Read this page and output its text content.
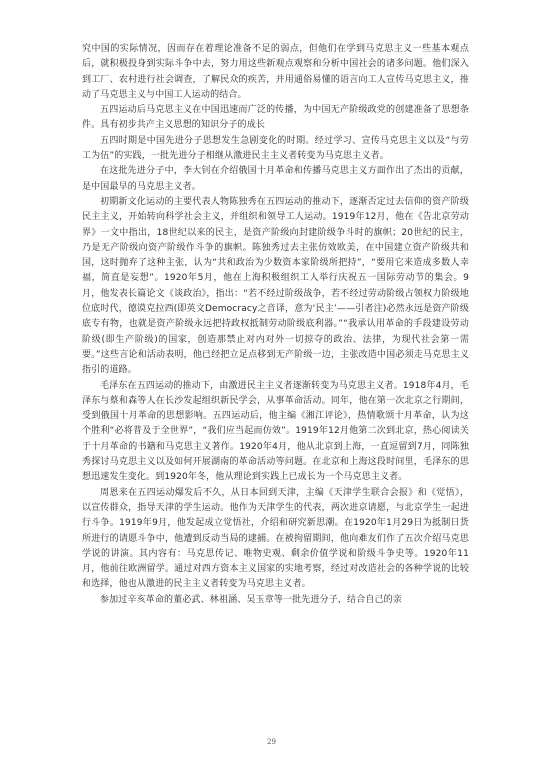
究中国的实际情况，因而存在着理论准备不足的弱点，但他们在学到马克思主义一些基本观点后，就积极投身到实际斗争中去，努力用这些新观点观察和分析中国社会的诸多问题。他们深入到工厂、农村进行社会调查，了解民众的疾苦，并用通俗易懂的语言向工人宣传马克思主义，推动了马克思主义与中国工人运动的结合。

五四运动后马克思主义在中国迅速而广泛的传播，为中国无产阶级政党的创建准备了思想条件。具有初步共产主义思想的知识分子的成长

五四时期是中国先进分子思想发生急剧变化的时期。经过学习、宣传马克思主义以及“与劳工为伍”的实践，一批先进分子相继从激进民主主义者转变为马克思主义者。

在这批先进分子中，李大钊在介绍俄国十月革命和传播马克思主义方面作出了杰出的贡献，是中国最早的马克思主义者。

初期新文化运动的主要代表人物陈独秀在五四运动的推动下，逐渐否定过去信仰的资产阶级民主主义，开始转向科学社会主义，并组织和领导工人运动。1919年12月，他在《告北京劳动界》一文中指出，18世纪以来的民主，是资产阶级向封建阶级争斗时的旗帜；20世纪的民主，乃是无产阶级向资产阶级作斗争的旗帜。陈独秀过去主张仿效欧美，在中国建立资产阶级共和国，这时抛弃了这种主张，认为“共和政治为少数资本家阶级所把持”，“要用它来造成多数人幸福，简直是妄想”。1920年5月，他在上海积极组织工人举行庆祝五一国际劳动节的集会。9月，他发表长篇论文《谈政治》，指出：“若不经过阶级战争，若不经过劳动阶级占领权力阶级地位底时代，德谟克拉西(即英文Democracy之音译，意为‘民主’——引者注)必然永远是资产阶级底专有物，也就是资产阶级永远把持政权抵制劳动阶级底利器。”“我承认用革命的手段建设劳动阶级(即生产阶级)的国家，创造那禁止对内对外一切掠夺的政治、法律，为现代社会第一需要。”这些言论和活动表明，他已经把立足点移到无产阶级一边，主张改造中国必须走马克思主义指引的道路。

毛泽东在五四运动的推动下，由激进民主主义者逐渐转变为马克思主义者。1918年4月，毛泽东与蔡和森等人在长沙发起组织新民学会，从事革命活动。同年，他在第一次北京之行期间，受到俄国十月革命的思想影响。五四运动后，他主编《湘江评论》，热情歌颂十月革命，认为这个胜利“必将普及于全世界”，“我们应当起而仿效”。1919年12月他第二次到北京，热心阅读关于十月革命的书籍和马克思主义著作。1920年4月，他从北京到上海，一直逗留到7月，同陈独秀探讨马克思主义以及如何开展湖南的革命活动等问题。在北京和上海这段时间里，毛泽东的思想迅速发生变化。到1920年冬，他从理论到实践上已成长为一个马克思主义者。

周恩来在五四运动爆发后不久，从日本回到天津，主编《天津学生联合会报》和《觉悟》，以宣传群众，指导天津的学生运动。他作为天津学生的代表，两次进京请愿，与北京学生一起进行斗争。1919年9月，他发起成立觉悟社，介绍和研究新思潮。在1920年1月29日为抵制日货所进行的请愿斗争中，他遭到反动当局的逮捕。在被拘留期间，他向难友们作了五次介绍马克思学说的讲演。其内容有：马克思传记、唯物史观、剩余价值学说和阶级斗争史等。1920年11月，他前往欧洲留学。通过对西方资本主义国家的实地考察，经过对改造社会的各种学说的比较和选择，他也从激进的民主主义者转变为马克思主义者。

参加过辛亥革命的董必武、林祖涵、吴玉章等一批先进分子，结合自己的亲

29
